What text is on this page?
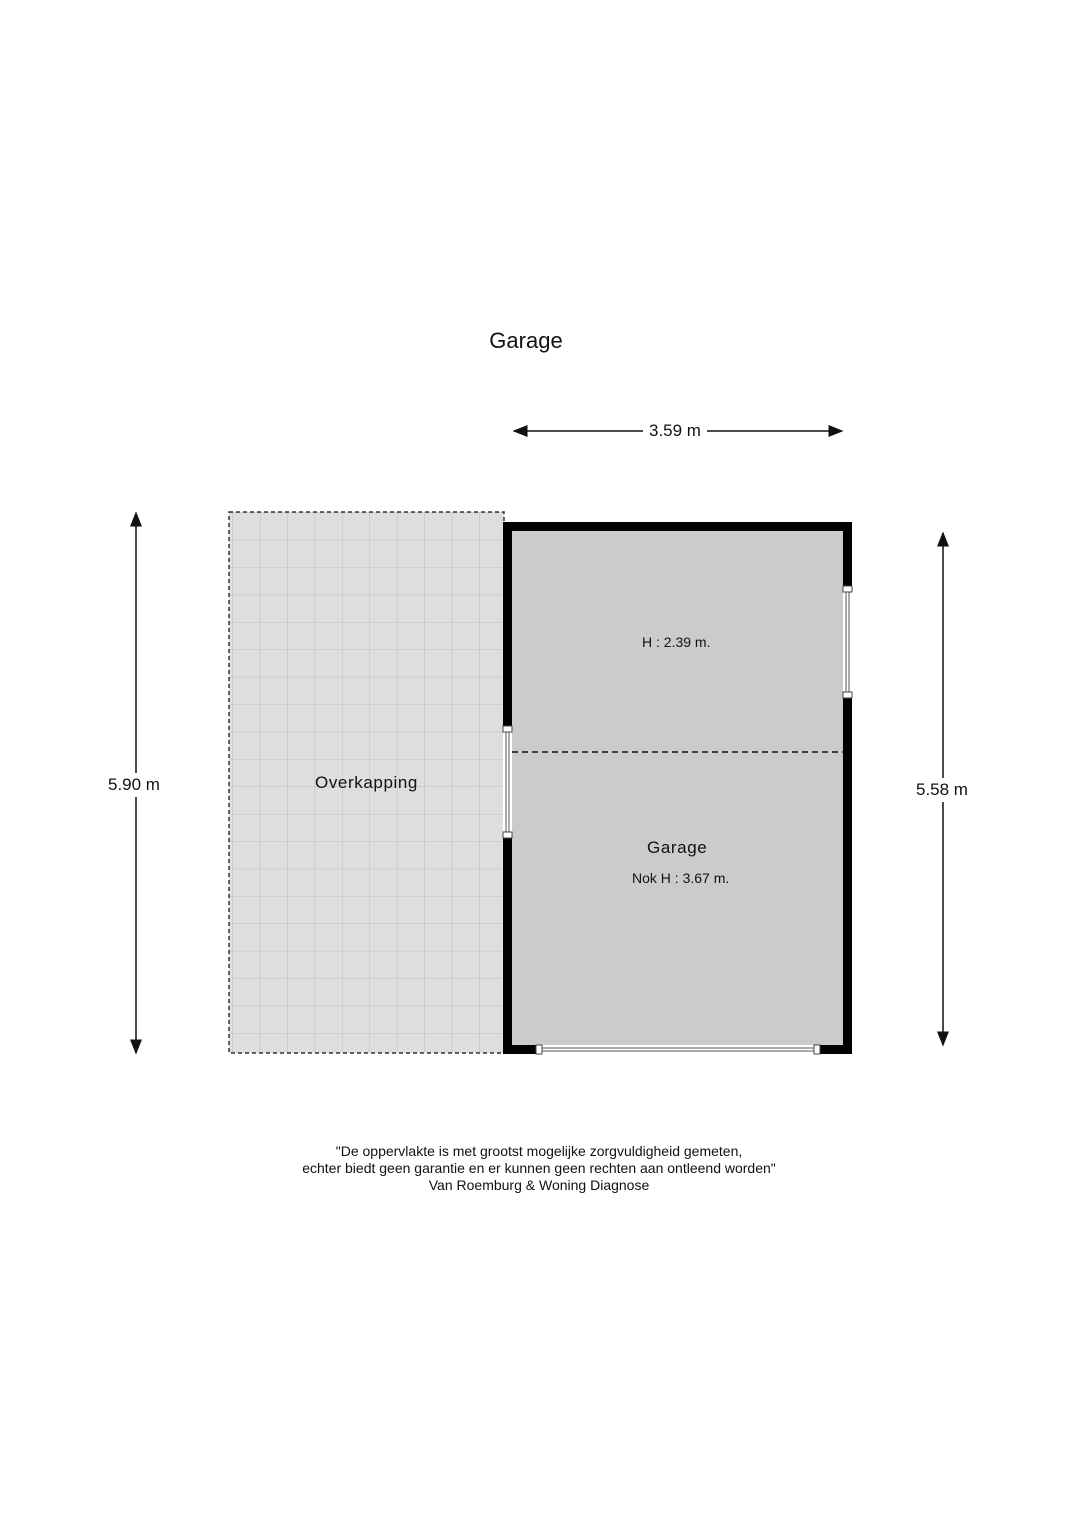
Garage
3.59 m
5.90 m	5.58 m
Overkapping
H : 2.39 m.
Garage
Nok H : 3.67 m.
"De oppervlakte is met grootst mogelijke zorgvuldigheid gemeten,
echter biedt geen garantie en er kunnen geen rechten aan ontleend worden"
Van Roemburg & Woning Diagnose
